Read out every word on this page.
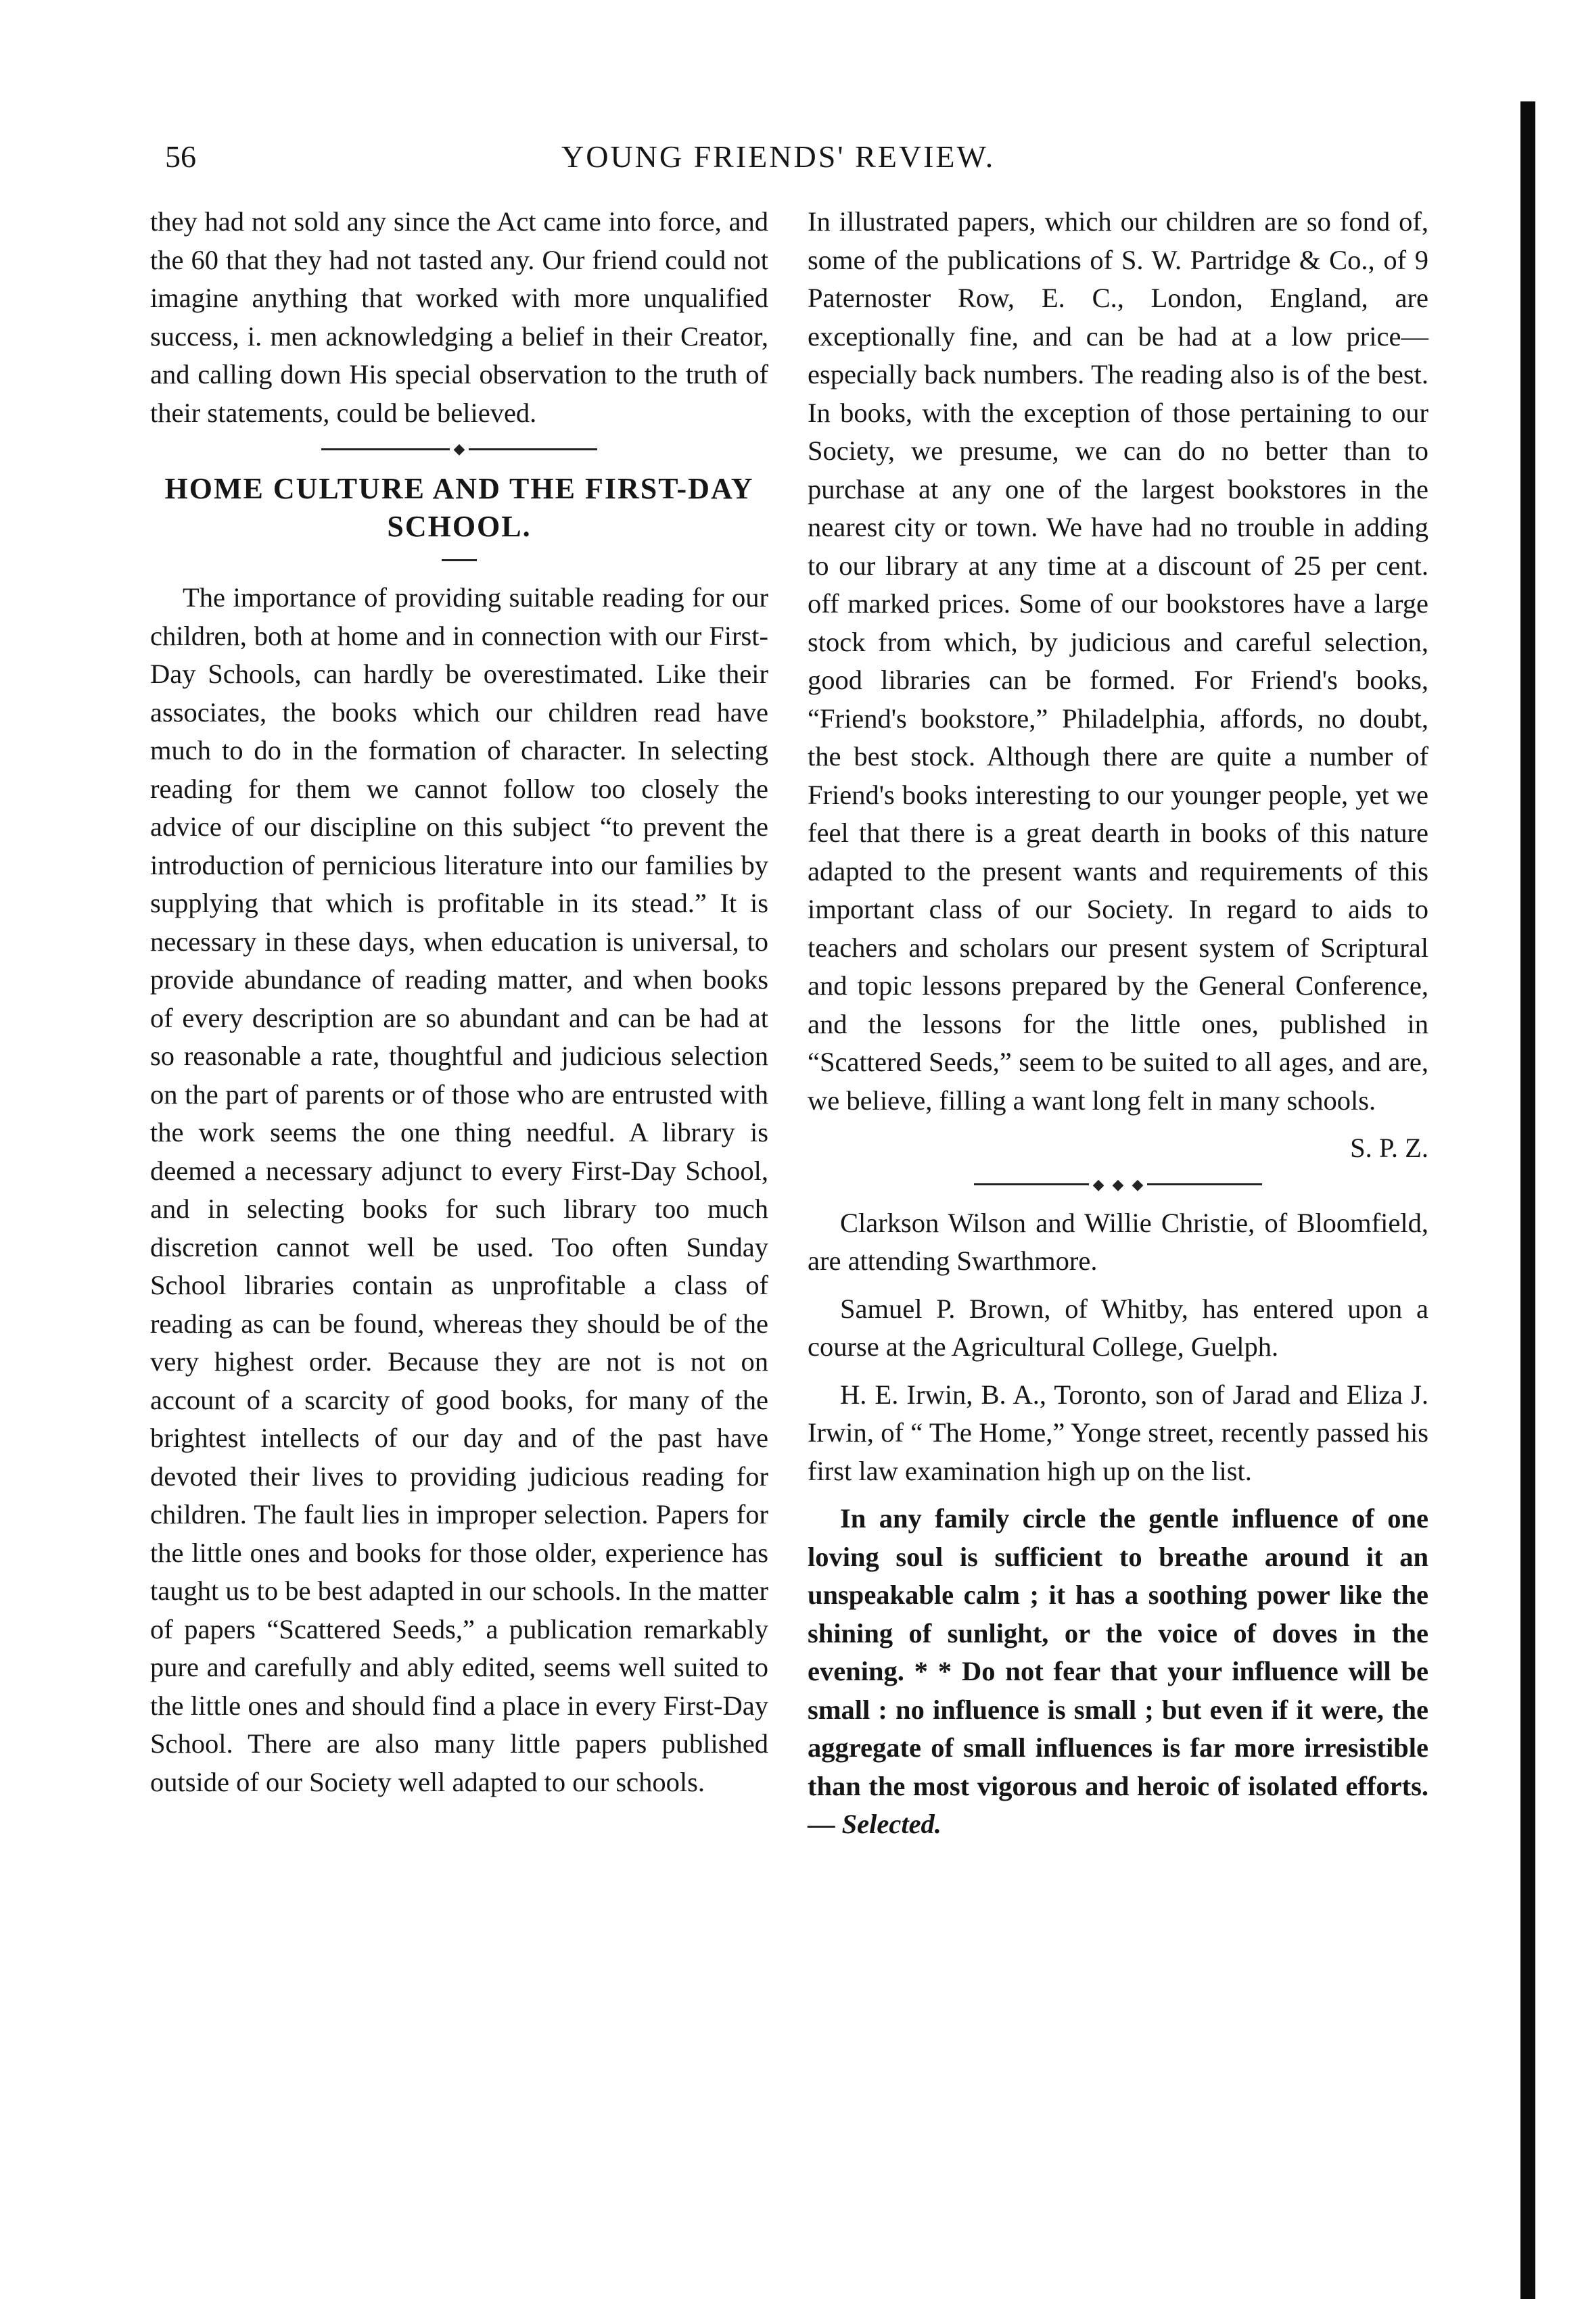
56	YOUNG FRIENDS' REVIEW.

they had not sold any since the Act came into force, and the 60 that they had not tasted any. Our friend could not imagine anything that worked with more unqualified success, i. men acknowledging a belief in their Creator, and calling down His special observation to the truth of their statements, could be believed.

◆
HOME CULTURE AND THE FIRST-DAY SCHOOL.

The importance of providing suitable reading for our children, both at home and in connection with our First-Day Schools, can hardly be overestimated. Like their associates, the books which our children read have much to do in the formation of character. In selecting reading for them we cannot follow too closely the advice of our discipline on this subject “to prevent the introduction of pernicious literature into our families by supplying that which is profitable in its stead.” It is necessary in these days, when education is universal, to provide abundance of reading matter, and when books of every description are so abundant and can be had at so reasonable a rate, thoughtful and judicious selection on the part of parents or of those who are entrusted with the work seems the one thing needful. A library is deemed a necessary adjunct to every First-Day School, and in selecting books for such library too much discretion cannot well be used. Too often Sunday School libraries contain as unprofitable a class of reading as can be found, whereas they should be of the very highest order. Because they are not is not on account of a scarcity of good books, for many of the brightest intellects of our day and of the past have devoted their lives to providing judicious reading for children. The fault lies in improper selection. Papers for the little ones and books for those older, experience has taught us to be best adapted in our schools. In the matter of papers “Scattered Seeds,” a publication remarkably pure and carefully and ably edited, seems well suited to the little ones and should find a place in every First-Day School. There are also many little papers published outside of our Society well adapted to our schools.

In illustrated papers, which our children are so fond of, some of the publications of S. W. Partridge & Co., of 9 Paternoster Row, E. C., London, England, are exceptionally fine, and can be had at a low price—especially back numbers. The reading also is of the best. In books, with the exception of those pertaining to our Society, we presume, we can do no better than to purchase at any one of the largest bookstores in the nearest city or town. We have had no trouble in adding to our library at any time at a discount of 25 per cent. off marked prices. Some of our bookstores have a large stock from which, by judicious and careful selection, good libraries can be formed. For Friend's books, “Friend's bookstore,” Philadelphia, affords, no doubt, the best stock. Although there are quite a number of Friend's books interesting to our younger people, yet we feel that there is a great dearth in books of this nature adapted to the present wants and requirements of this important class of our Society. In regard to aids to teachers and scholars our present system of Scriptural and topic lessons prepared by the General Conference, and the lessons for the little ones, published in “Scattered Seeds,” seem to be suited to all ages, and are, we believe, filling a want long felt in many schools.

S. P. Z.

◆ ◆ ◆

Clarkson Wilson and Willie Christie, of Bloomfield, are attending Swarthmore.

Samuel P. Brown, of Whitby, has entered upon a course at the Agricultural College, Guelph.

H. E. Irwin, B. A., Toronto, son of Jarad and Eliza J. Irwin, of “ The Home,” Yonge street, recently passed his first law examination high up on the list.

In any family circle the gentle influence of one loving soul is sufficient to breathe around it an unspeakable calm ; it has a soothing power like the shining of sunlight, or the voice of doves in the evening. * * Do not fear that your influence will be small : no influence is small ; but even if it were, the aggregate of small influences is far more irresistible than the most vigorous and heroic of isolated efforts.— Selected.
